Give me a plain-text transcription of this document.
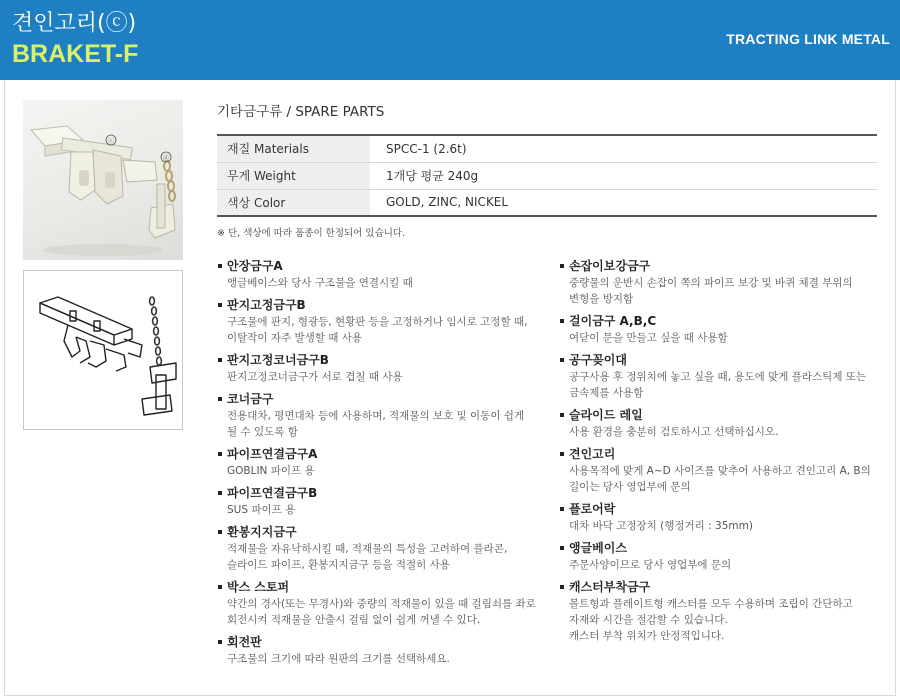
견인고리(ⓒ)
BRAKET-F
TRACTING LINK METAL
ⓒ
ⓓ
기타금구류 / SPARE PARTS
재질 Materials	SPCC-1 (2.6t)
무게 Weight	1개당 평균 240g
색상 Color	GOLD, ZINC, NICKEL
※ 단, 색상에 따라 품종이 한정되어 있습니다.
안장금구A
앵글베이스와 당사 구조물을 연결시킬 때
판지고정금구B
구조물에 판지, 형광등, 현황판 등을 고정하거나 임시로 고정할 때,
이탈작이 자주 발생할 때 사용
판지고정코너금구B
판지고정코너금구가 서로 겹칠 때 사용
코너금구
전용대차, 평면대차 등에 사용하며, 적재물의 보호 및 이동이 쉽게
될 수 있도록 함
파이프연결금구A
GOBLIN 파이프 용
파이프연결금구B
SUS 파이프 용
환봉지지금구
적재물을 자유낙하시킬 때, 적재물의 특성을 고려하여 플라콘,
슬라이드 파이프, 환봉지지금구 등을 적절히 사용
박스 스토퍼
약간의 경사(또는 무경사)와 중량의 적재물이 있을 때 걸림쇠를 좌로
회전시켜 적재물을 안출시 걸림 없이 쉽게 꺼낼 수 있다.
회전판
구조물의 크기에 따라 원판의 크기를 선택하세요.
손잡이보강금구
중량물의 운반시 손잡이 쪽의 파이프 보강 및 바퀴 체결 부위의
변형을 방지함
걸이금구 A,B,C
여닫이 문을 만들고 싶을 때 사용함
공구꽂이대
공구사용 후 정위치에 놓고 싶을 때, 용도에 맞게 플라스틱제 또는
금속제를 사용함
슬라이드 레일
사용 환경을 충분히 검토하시고 선택하십시오.
견인고리
사용목적에 맞게 A~D 사이즈를 맞추어 사용하고 견인고리 A, B의
길이는 당사 영업부에 문의
플로어락
대차 바닥 고정장치 (행정거리 : 35mm)
앵글베이스
주문사양이므로 당사 영업부에 문의
캐스터부착금구
볼트형과 플레이트형 캐스터를 모두 수용하며 조립이 간단하고
자재와 시간을 절감할 수 있습니다.
캐스터 부착 위치가 안정적입니다.
